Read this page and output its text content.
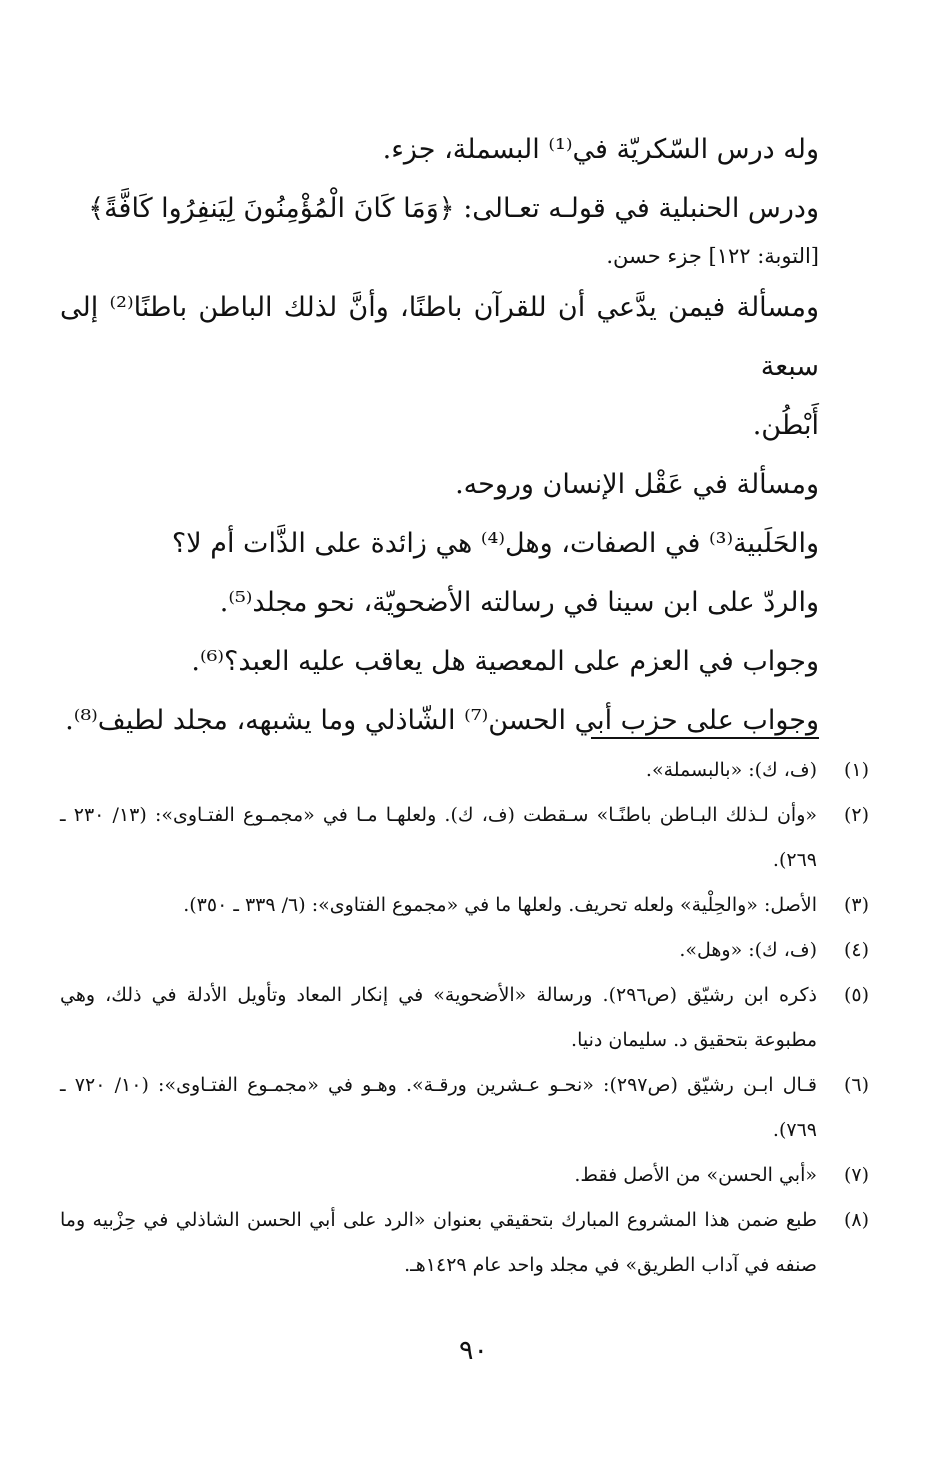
وله درس السّكريّة في⁽¹⁾ البسملة، جزء.
ودرس الحنبلية في قولـه تعـالى: ﴿وَمَا كَانَ الْمُؤْمِنُونَ لِيَنفِرُوا كَافَّةً﴾
[التوبة: ١٢٢] جزء حسن.
ومسألة فيمن يدَّعي أن للقرآن باطنًا، وأنَّ لذلك الباطن باطنًا⁽²⁾ إلى سبعة
أَبْطُن.
ومسألة في عَقْل الإنسان وروحه.
والحَلَبية⁽³⁾ في الصفات، وهل⁽⁴⁾ هي زائدة على الذَّات أم لا؟
والردّ على ابن سينا في رسالته الأضحويّة، نحو مجلد⁽⁵⁾.
وجواب في العزم على المعصية هل يعاقب عليه العبد؟⁽⁶⁾.
وجواب على حزب أبي الحسن⁽⁷⁾ الشّاذلي وما يشبهه، مجلد لطيف⁽⁸⁾.
(١)
(ف، ك): «بالبسملة».
(٢)
«وأن لـذلك البـاطن باطنًـا» سـقطت (ف، ك). ولعلهـا مـا في «مجمـوع الفتـاوى»: (١٣/ ٢٣٠ ـ ٢٦٩).
(٣)
الأصل: «والحِلْية» ولعله تحريف. ولعلها ما في «مجموع الفتاوى»: (٦/ ٣٣٩ ـ ٣٥٠).
(٤)
(ف، ك): «وهل».
(٥)
ذكره ابن رشيّق (ص٢٩٦). ورسالة «الأضحوية» في إنكار المعاد وتأويل الأدلة في ذلك، وهي مطبوعة بتحقيق د. سليمان دنيا.
(٦)
قـال ابـن رشيّق (ص٢٩٧): «نحـو عـشرين ورقـة». وهـو في «مجمـوع الفتـاوى»: (١٠/ ٧٢٠ ـ ٧٦٩).
(٧)
«أبي الحسن» من الأصل فقط.
(٨)
طبع ضمن هذا المشروع المبارك بتحقيقي بعنوان «الرد على أبي الحسن الشاذلي في حِزْبيه وما صنفه في آداب الطريق» في مجلد واحد عام ١٤٢٩هـ.
٩٠
